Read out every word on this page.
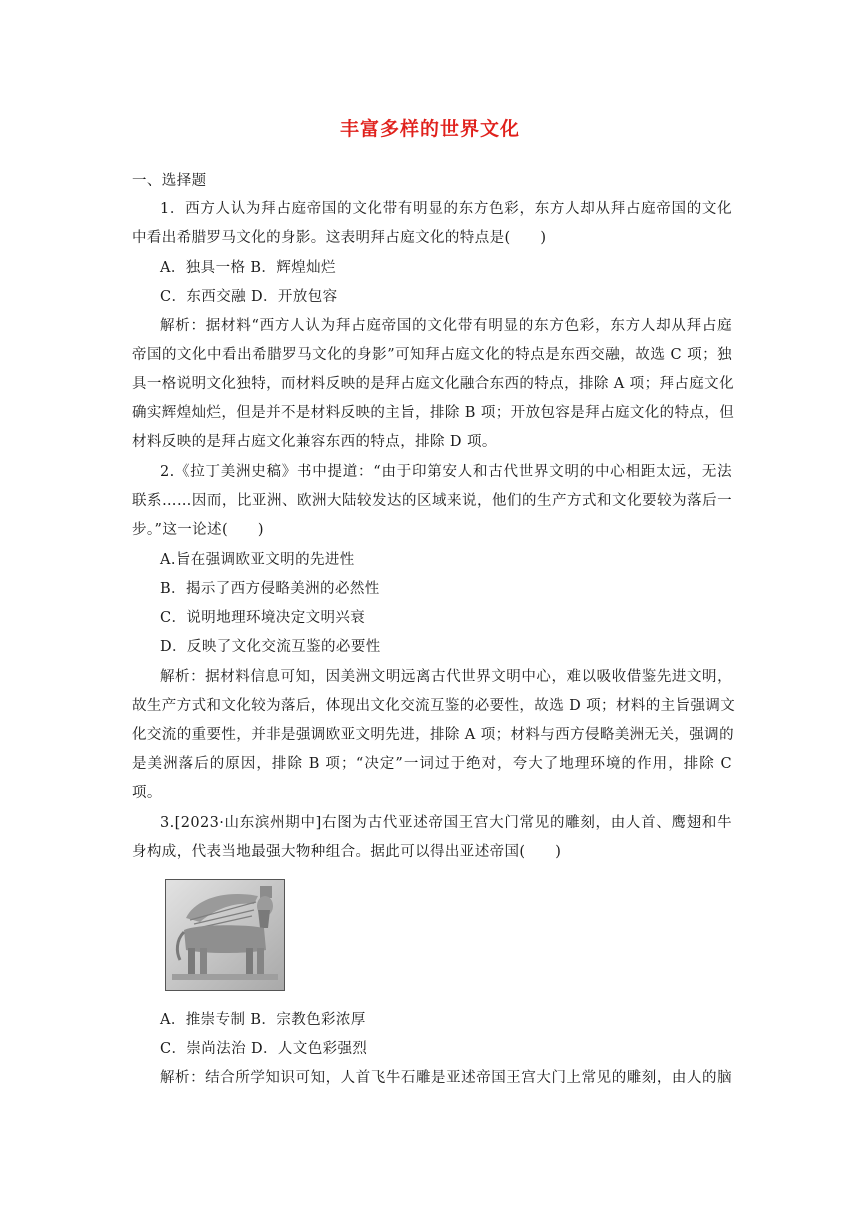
丰富多样的世界文化
一、选择题
1．西方人认为拜占庭帝国的文化带有明显的东方色彩，东方人却从拜占庭帝国的文化
中看出希腊罗马文化的身影。这表明拜占庭文化的特点是(　　)
A．独具一格 B．辉煌灿烂
C．东西交融 D．开放包容
解析：据材料“西方人认为拜占庭帝国的文化带有明显的东方色彩，东方人却从拜占庭
帝国的文化中看出希腊罗马文化的身影”可知拜占庭文化的特点是东西交融，故选 C 项；独
具一格说明文化独特，而材料反映的是拜占庭文化融合东西的特点，排除 A 项；拜占庭文化
确实辉煌灿烂，但是并不是材料反映的主旨，排除 B 项；开放包容是拜占庭文化的特点，但
材料反映的是拜占庭文化兼容东西的特点，排除 D 项。
2.《拉丁美洲史稿》书中提道：“由于印第安人和古代世界文明的中心相距太远，无法
联系……因而，比亚洲、欧洲大陆较发达的区域来说，他们的生产方式和文化要较为落后一
步。”这一论述(　　)
A.旨在强调欧亚文明的先进性
B．揭示了西方侵略美洲的必然性
C．说明地理环境决定文明兴衰
D．反映了文化交流互鉴的必要性
解析：据材料信息可知，因美洲文明远离古代世界文明中心，难以吸收借鉴先进文明，
故生产方式和文化较为落后，体现出文化交流互鉴的必要性，故选 D 项；材料的主旨强调文
化交流的重要性，并非是强调欧亚文明先进，排除 A 项；材料与西方侵略美洲无关，强调的
是美洲落后的原因，排除 B 项；“决定”一词过于绝对，夸大了地理环境的作用，排除 C
项。
3.[2023·山东滨州期中]右图为古代亚述帝国王宫大门常见的雕刻，由人首、鹰翅和牛
身构成，代表当地最强大物种组合。据此可以得出亚述帝国(　　)
A．推崇专制 B．宗教色彩浓厚
C．崇尚法治 D．人文色彩强烈
解析：结合所学知识可知，人首飞牛石雕是亚述帝国王宫大门上常见的雕刻，由人的脑
